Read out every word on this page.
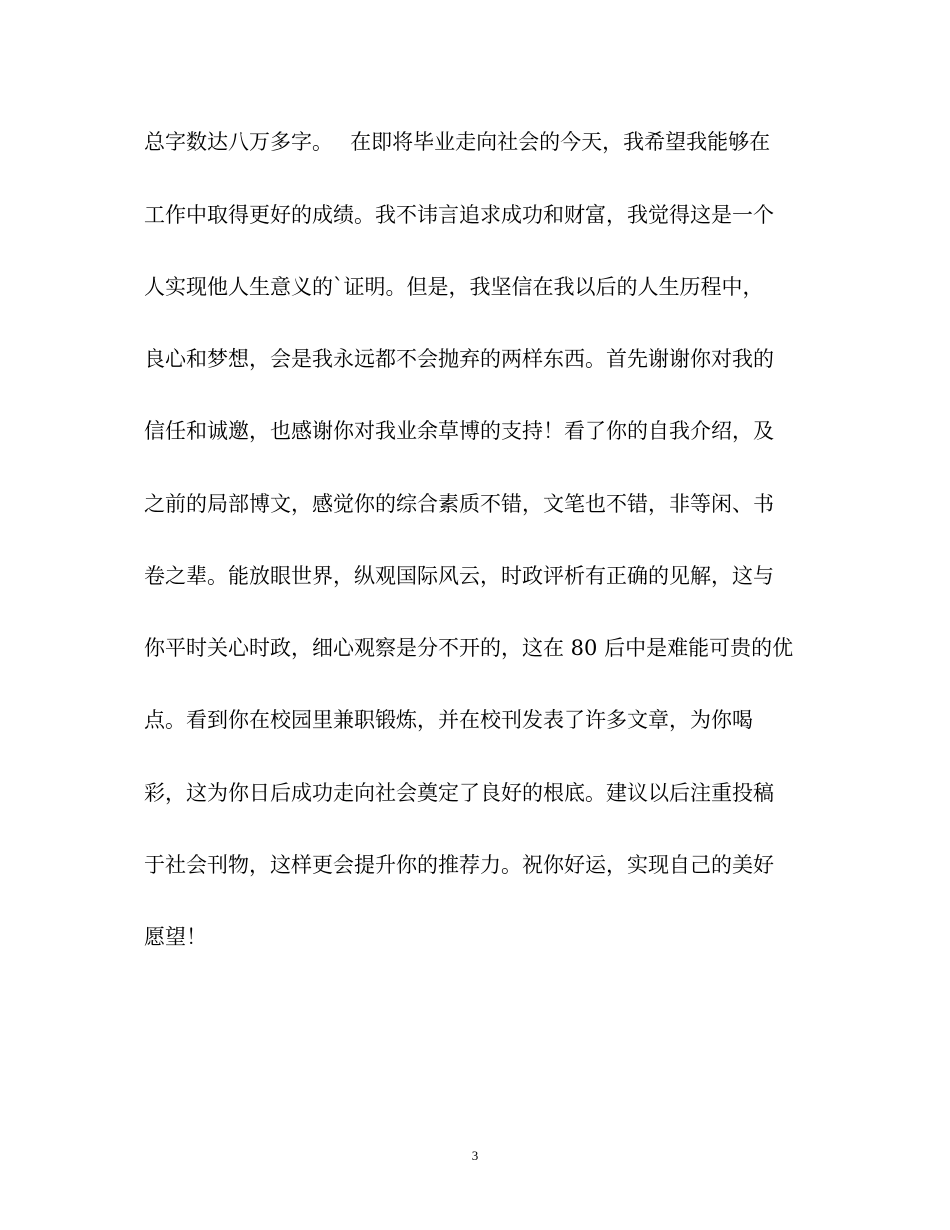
总字数达八万多字。　 在即将毕业走向社会的今天，我希望我能够在
工作中取得更好的成绩。我不讳言追求成功和财富，我觉得这是一个
人实现他人生意义的`证明。但是，我坚信在我以后的人生历程中，
良心和梦想，会是我永远都不会抛弃的两样东西。首先谢谢你对我的
信任和诚邀，也感谢你对我业余草博的支持！看了你的自我介绍，及
之前的局部博文，感觉你的综合素质不错，文笔也不错，非等闲、书
卷之辈。能放眼世界，纵观国际风云，时政评析有正确的见解，这与
你平时关心时政，细心观察是分不开的，这在 80 后中是难能可贵的优
点。看到你在校园里兼职锻炼，并在校刊发表了许多文章，为你喝
彩，这为你日后成功走向社会奠定了良好的根底。建议以后注重投稿
于社会刊物，这样更会提升你的推荐力。祝你好运，实现自己的美好
愿望！
3
